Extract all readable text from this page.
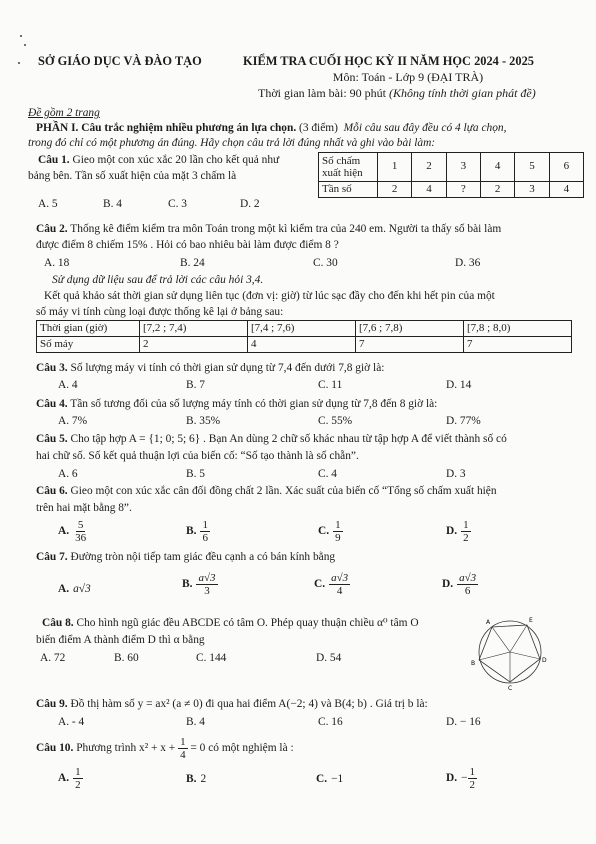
SỞ GIÁO DỤC VÀ ĐÀO TẠO	KIỂM TRA CUỐI HỌC KỲ II NĂM HỌC 2024 - 2025
Môn: Toán - Lớp 9 (ĐẠI TRÀ)
Thời gian làm bài: 90 phút (Không tính thời gian phát đề)
Đề gồm 2 trang
PHẦN I. Câu trắc nghiệm nhiều phương án lựa chọn. (3 điểm) Mỗi câu sau đây đều có 4 lựa chọn,
trong đó chỉ có một phương án đúng. Hãy chọn câu trả lời đúng nhất và ghi vào bài làm:
Câu 1. Gieo một con xúc xắc 20 lần cho kết quả như
bảng bên. Tần số xuất hiện của mặt 3 chấm là
Số chấm
xuất hiện	1	2	3	4	5	6
Tần số	2	4	?	2	3	4
A. 5	B. 4	C. 3	D. 2
Câu 2. Thống kê điểm kiểm tra môn Toán trong một kì kiểm tra của 240 em. Người ta thấy số bài làm
được điểm 8 chiếm 15% . Hỏi có bao nhiêu bài làm được điểm 8 ?
A. 18	B. 24	C. 30	D. 36
Sử dụng dữ liệu sau để trả lời các câu hỏi 3,4.
Kết quả khảo sát thời gian sử dụng liên tục (đơn vị: giờ) từ lúc sạc đầy cho đến khi hết pin của một
số máy vi tính cùng loại được thống kê lại ở bảng sau:
Thời gian (giờ)	[7,2 ; 7,4)	[7,4 ; 7,6)	[7,6 ; 7,8)	[7,8 ; 8,0)
Số máy	2	4	7	7
Câu 3. Số lượng máy vi tính có thời gian sử dụng từ 7,4 đến dưới 7,8 giờ là:
A. 4	B. 7	C. 11	D. 14
Câu 4. Tần số tương đối của số lượng máy tính có thời gian sử dụng từ 7,8 đến 8 giờ là:
A. 7%	B. 35%	C. 55%	D. 77%
Câu 5. Cho tập hợp A = {1; 0; 5; 6} . Bạn An dùng 2 chữ số khác nhau từ tập hợp A để viết thành số có
hai chữ số. Số kết quả thuận lợi của biến cố: “Số tạo thành là số chẵn”.
A. 6	B. 5	C. 4	D. 3
Câu 6. Gieo một con xúc xắc cân đối đồng chất 2 lần. Xác suất của biến cố “Tổng số chấm xuất hiện
trên hai mặt bằng 8”.
A. $\frac{5}{36}$	B. $\frac{1}{6}$	C. $\frac{1}{9}$	D. $\frac{1}{2}$
Câu 7. Đường tròn nội tiếp tam giác đều cạnh a có bán kính bằng
A. a√3	B. $\frac{a√3}{3}$	C. $\frac{a√3}{4}$	D. $\frac{a√3}{6}$
Câu 8. Cho hình ngũ giác đều ABCDE có tâm O. Phép quay thuận chiều α⁰ tâm O
biến điểm A thành điểm D thì α bằng
A. 72	B. 60	C. 144	D. 54
A	E
B	D
C
Câu 9. Đồ thị hàm số y = ax² (a ≠ 0) đi qua hai điểm A(−2; 4) và B(4; b) . Giá trị b là:
A. - 4	B. 4	C. 16	D. − 16
Câu 10. Phương trình $x^2 + x + \frac{1}{4} = 0$ có một nghiệm là :
A. $\frac{1}{2}$	B. 2	C. −1	D. − $\frac{1}{2}$
